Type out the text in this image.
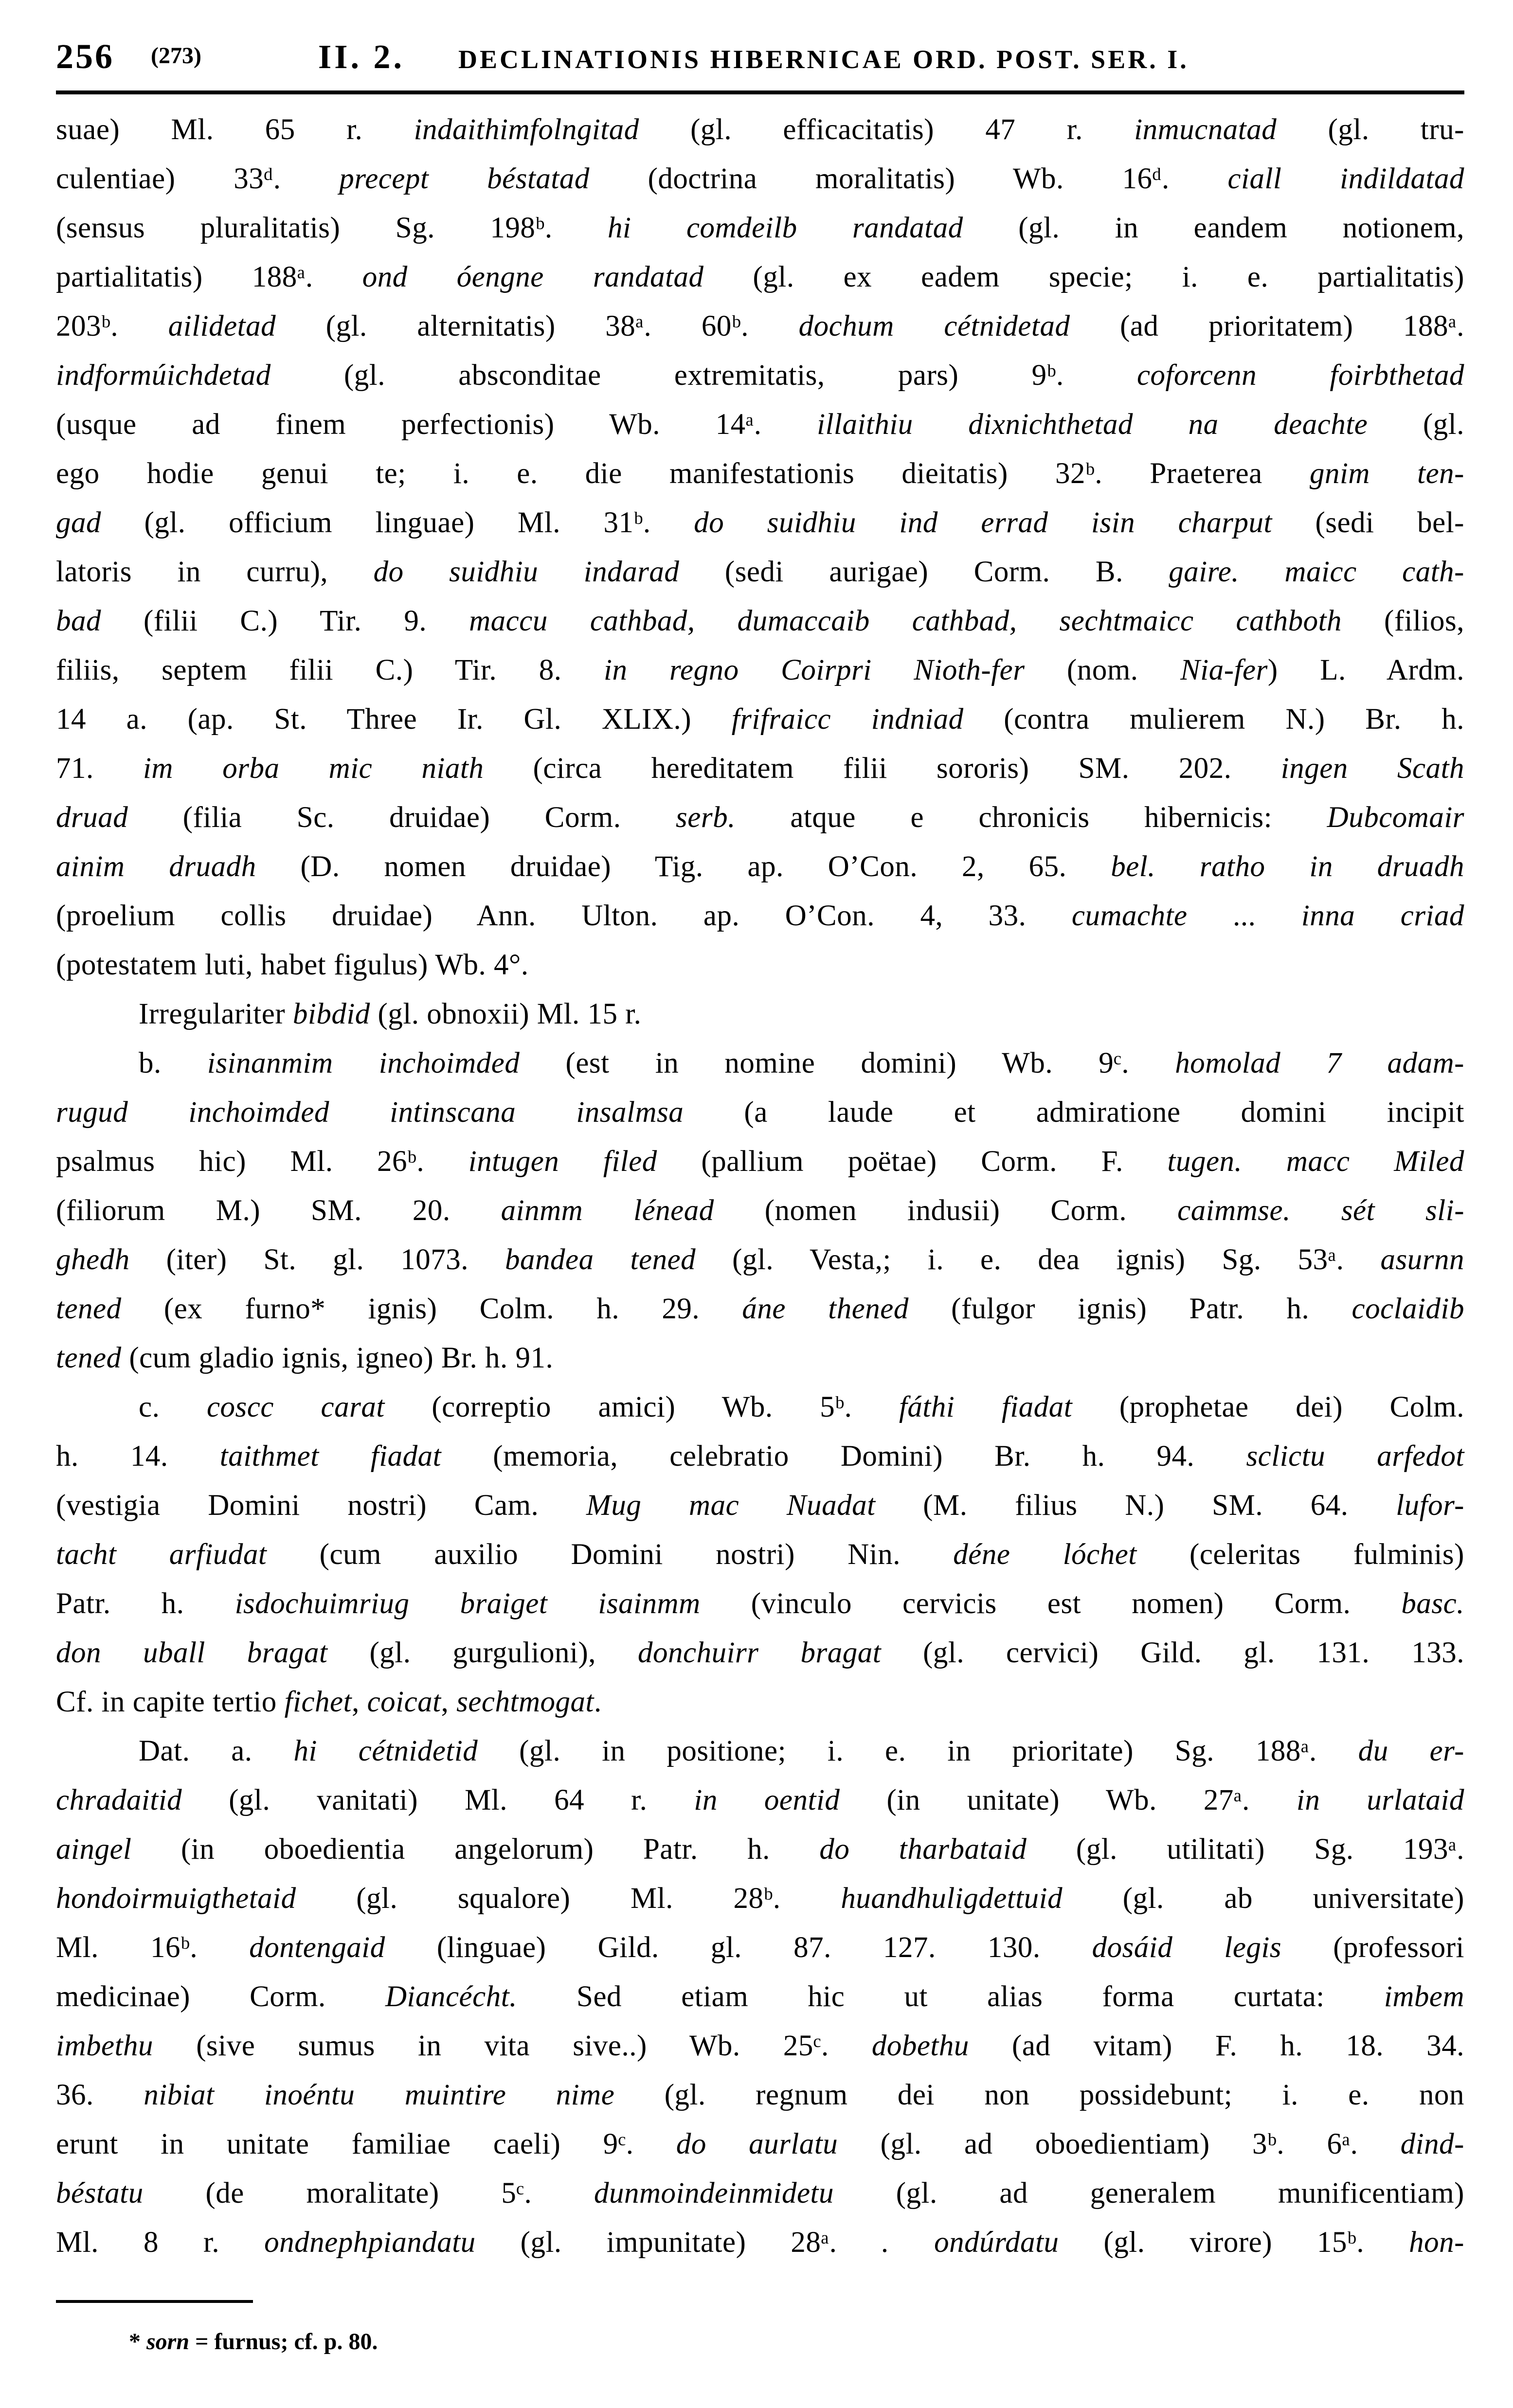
256 (273)	II. 2. DECLINATIONIS HIBERNICAE ORD. POST. SER. I.
suae) Ml. 65 r. indaithimfolngitad (gl. efficacitatis) 47 r. inmucnatad (gl. tru-
culentiae) 33ᵈ. precept béstatad (doctrina moralitatis) Wb. 16ᵈ. ciall indildatad
(sensus pluralitatis) Sg. 198ᵇ. hi comdeilb randatad (gl. in eandem notionem,
partialitatis) 188ᵃ. ond óengne randatad (gl. ex eadem specie; i. e. partialitatis)
203ᵇ. ailidetad (gl. alternitatis) 38ᵃ. 60ᵇ. dochum cétnidetad (ad prioritatem) 188ᵃ.
indformúichdetad (gl. absconditae extremitatis, pars) 9ᵇ. coforcenn foirbthetad
(usque ad finem perfectionis) Wb. 14ᵃ. illaithiu dixnichthetad na deachte (gl.
ego hodie genui te; i. e. die manifestationis dieitatis) 32ᵇ. Praeterea gnim ten-
gad (gl. officium linguae) Ml. 31ᵇ. do suidhiu ind errad isin charput (sedi bel-
latoris in curru), do suidhiu indarad (sedi aurigae) Corm. B. gaire. maicc cath-
bad (filii C.) Tir. 9. maccu cathbad, dumaccaib cathbad, sechtmaicc cathboth (filios,
filiis, septem filii C.) Tir. 8. in regno Coirpri Nioth-fer (nom. Nia-fer) L. Ardm.
14 a. (ap. St. Three Ir. Gl. XLIX.) frifraicc indniad (contra mulierem N.) Br. h.
71. im orba mic niath (circa hereditatem filii sororis) SM. 202. ingen Scath
druad (filia Sc. druidae) Corm. serb. atque e chronicis hibernicis: Dubcomair
ainim druadh (D. nomen druidae) Tig. ap. O’Con. 2, 65. bel. ratho in druadh
(proelium collis druidae) Ann. Ulton. ap. O’Con. 4, 33. cumachte ... inna criad
(potestatem luti, habet figulus) Wb. 4°.
Irregulariter bibdid (gl. obnoxii) Ml. 15 r.
b. isinanmim inchoimded (est in nomine domini) Wb. 9ᶜ. homolad 7 adam-
rugud inchoimded intinscana insalmsa (a laude et admiratione domini incipit
psalmus hic) Ml. 26ᵇ. intugen filed (pallium poëtae) Corm. F. tugen. macc Miled
(filiorum M.) SM. 20. ainmm lénead (nomen indusii) Corm. caimmse. sét sli-
ghedh (iter) St. gl. 1073. bandea tened (gl. Vesta,; i. e. dea ignis) Sg. 53ᵃ. asurnn
tened (ex furno* ignis) Colm. h. 29. áne thened (fulgor ignis) Patr. h. coclaidib
tened (cum gladio ignis, igneo) Br. h. 91.
c. coscc carat (correptio amici) Wb. 5ᵇ. fáthi fiadat (prophetae dei) Colm.
h. 14. taithmet fiadat (memoria, celebratio Domini) Br. h. 94. sclictu arfedot
(vestigia Domini nostri) Cam. Mug mac Nuadat (M. filius N.) SM. 64. lufor-
tacht arfiudat (cum auxilio Domini nostri) Nin. déne lóchet (celeritas fulminis)
Patr. h. isdochuimriug braiget isainmm (vinculo cervicis est nomen) Corm. basc.
don uball bragat (gl. gurgulioni), donchuirr bragat (gl. cervici) Gild. gl. 131. 133.
Cf. in capite tertio fichet, coicat, sechtmogat.
Dat. a. hi cétnidetid (gl. in positione; i. e. in prioritate) Sg. 188ᵃ. du er-
chradaitid (gl. vanitati) Ml. 64 r. in oentid (in unitate) Wb. 27ᵃ. in urlataid
aingel (in oboedientia angelorum) Patr. h. do tharbataid (gl. utilitati) Sg. 193ᵃ.
hondoirmuigthetaid (gl. squalore) Ml. 28ᵇ. huandhuligdettuid (gl. ab universitate)
Ml. 16ᵇ. dontengaid (linguae) Gild. gl. 87. 127. 130. dosáid legis (professori
medicinae) Corm. Diancécht. Sed etiam hic ut alias forma curtata: imbem
imbethu (sive sumus in vita sive..) Wb. 25ᶜ. dobethu (ad vitam) F. h. 18. 34.
36. nibiat inoéntu muintire nime (gl. regnum dei non possidebunt; i. e. non
erunt in unitate familiae caeli) 9ᶜ. do aurlatu (gl. ad oboedientiam) 3ᵇ. 6ᵃ. dind-
béstatu (de moralitate) 5ᶜ. dunmoindeinmidetu (gl. ad generalem munificentiam)
Ml. 8 r. ondnephpiandatu (gl. impunitate) 28ᵃ. . ondúrdatu (gl. virore) 15ᵇ. hon-
* sorn = furnus; cf. p. 80.
